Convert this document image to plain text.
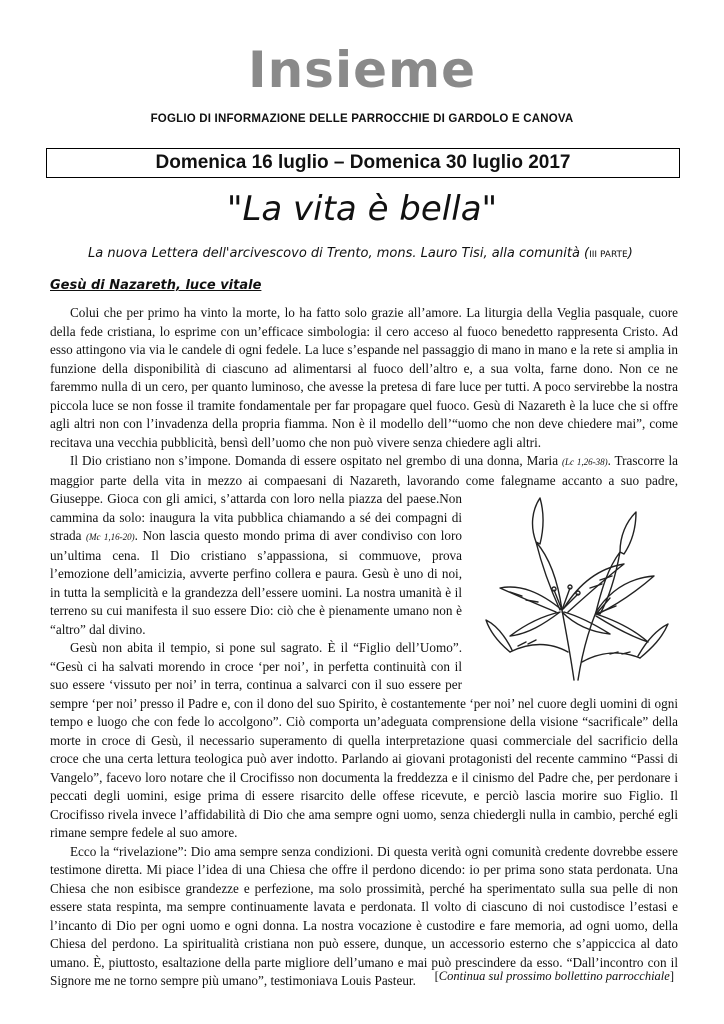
Insieme
FOGLIO DI INFORMAZIONE DELLE PARROCCHIE DI GARDOLO E CANOVA
Domenica 16 luglio – Domenica 30 luglio 2017
"La vita è bella"
La nuova Lettera dell'arcivescovo di Trento, mons. Lauro Tisi, alla comunità (III PARTE)
Gesù di Nazareth, luce vitale

Colui che per primo ha vinto la morte, lo ha fatto solo grazie all’amore. La liturgia della Veglia pasquale, cuore della fede cristiana, lo esprime con un’efficace simbologia: il cero acceso al fuoco benedetto rappresenta Cristo. Ad esso attingono via via le candele di ogni fedele. La luce s’espande nel passaggio di mano in mano e la rete si amplia in funzione della disponibilità di ciascuno ad alimentarsi al fuoco dell’altro e, a sua volta, farne dono. Non ce ne faremmo nulla di un cero, per quanto luminoso, che avesse la pretesa di fare luce per tutti. A poco servirebbe la nostra piccola luce se non fosse il tramite fondamentale per far propagare quel fuoco. Gesù di Nazareth è la luce che si offre agli altri non con l’invadenza della propria fiamma. Non è il modello dell’“uomo che non deve chiedere mai”, come recitava una vecchia pubblicità, bensì dell’uomo che non può vivere senza chiedere agli altri.

Il Dio cristiano non s’impone. Domanda di essere ospitato nel grembo di una donna, Maria (Lc 1,26-38). Trascorre la maggior parte della vita in mezzo ai compaesani di Nazareth, lavorando come falegname accanto a suo padre, Giuseppe. Gioca con gli amici, s’attarda con loro nella piazza del paese.
Non cammina da solo: inaugura la vita pubblica chiamando a sé dei compagni di strada (Mc 1,16-20). Non lascia questo mondo prima di aver condiviso con loro un’ultima cena. Il Dio cristiano s’appassiona, si commuove, prova l’emozione dell’amicizia, avverte perfino collera e paura. Gesù è uno di noi, in tutta la semplicità e la grandezza dell’essere uomini. La nostra umanità è il terreno su cui manifesta il suo essere Dio: ciò che è pienamente umano non è “altro” dal divino.

Gesù non abita il tempio, si pone sul sagrato. È il “Figlio dell’Uomo”. “Gesù ci ha salvati morendo in croce ‘per noi’, in perfetta continuità con il suo essere ‘vissuto per noi’ in terra, continua a salvarci con il suo essere per sempre ‘per noi’ presso il Padre e, con il dono del suo Spirito, è costantemente ‘per noi’ nel cuore degli uomini di ogni tempo e luogo che con fede lo accolgono”. Ciò comporta un’adeguata comprensione della visione “sacrificale” della morte in croce di Gesù, il necessario superamento di quella interpretazione quasi commerciale del sacrificio della croce che una certa lettura teologica può aver indotto. Parlando ai giovani protagonisti del recente cammino “Passi di Vangelo”, facevo loro notare che il Crocifisso non documenta la freddezza e il cinismo del Padre che, per perdonare i peccati degli uomini, esige prima di essere risarcito delle offese ricevute, e perciò lascia morire suo Figlio. Il Crocifisso rivela invece l’affidabilità di Dio che ama sempre ogni uomo, senza chiedergli nulla in cambio, perché egli rimane sempre fedele al suo amore.

Ecco la “rivelazione”: Dio ama sempre senza condizioni. Di questa verità ogni comunità credente dovrebbe essere testimone diretta. Mi piace l’idea di una Chiesa che offre il perdono dicendo: io per prima sono stata perdonata. Una Chiesa che non esibisce grandezze e perfezione, ma solo prossimità, perché ha sperimentato sulla sua pelle di non essere stata respinta, ma sempre continuamente lavata e perdonata. Il volto di ciascuno di noi custodisce l’estasi e l’incanto di Dio per ogni uomo e ogni donna. La nostra vocazione è custodire e fare memoria, ad ogni uomo, della Chiesa del perdono. La spiritualità cristiana non può essere, dunque, un accessorio esterno che s’appiccica al dato umano. È, piuttosto, esaltazione della parte migliore dell’umano e mai può prescindere da esso. “Dall’incontro con il Signore me ne torno sempre più umano”, testimoniava Louis Pasteur.	[Continua sul prossimo bollettino parrocchiale]
